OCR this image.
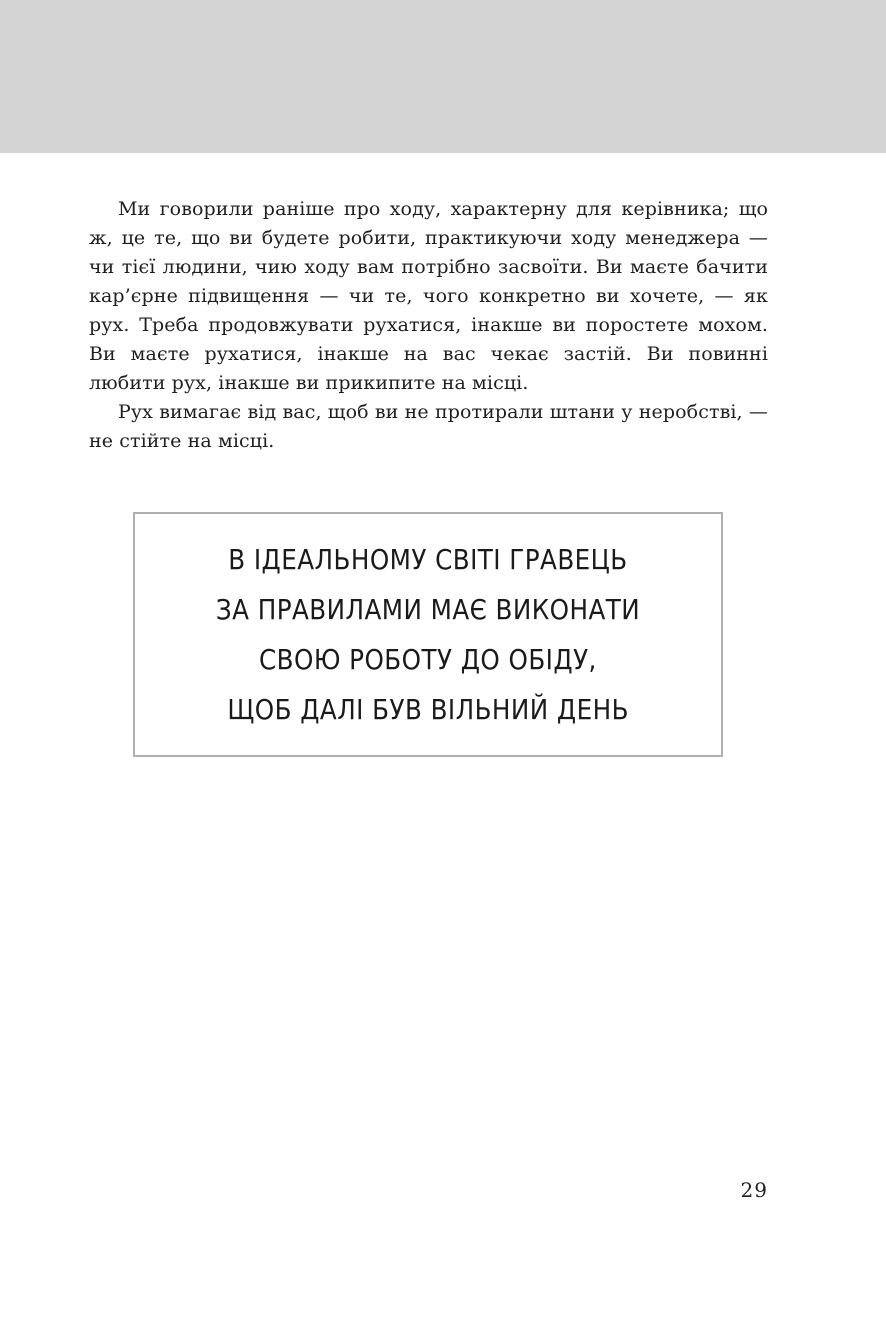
Ми говорили раніше про ходу, характерну для керівника; що ж, це те, що ви будете робити, практикуючи ходу менеджера — чи тієї людини, чию ходу вам потрібно засвоїти. Ви маєте бачити кар’єрне підвищення — чи те, чого конкретно ви хочете, — як рух. Треба продовжувати рухатися, інакше ви поростете мохом. Ви маєте рухатися, інакше на вас чекає застій. Ви повинні любити рух, інакше ви прикипите на місці.

Рух вимагає від вас, щоб ви не протирали штани у неробстві, — не стійте на місці.

В ІДЕАЛЬНОМУ СВІТІ ГРАВЕЦЬ
ЗА ПРАВИЛАМИ МАЄ ВИКОНАТИ
СВОЮ РОБОТУ ДО ОБІДУ,
ЩОБ ДАЛІ БУВ ВІЛЬНИЙ ДЕНЬ
29
